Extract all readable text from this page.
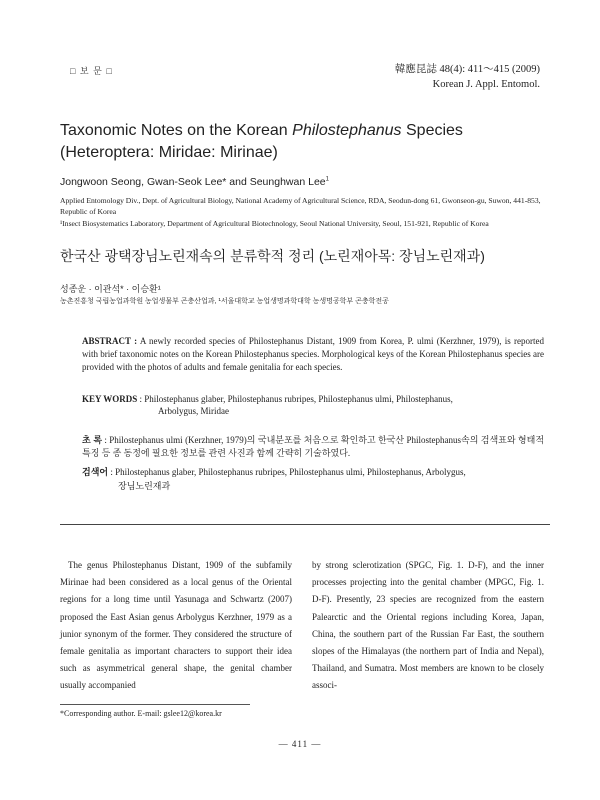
□ 보 문 □	韓應昆誌 48(4): 411～415 (2009)
Korean J. Appl. Entomol.
Taxonomic Notes on the Korean Philostephanus Species (Heteroptera: Miridae: Mirinae)
Jongwoon Seong, Gwan-Seok Lee* and Seunghwan Lee$^1$
Applied Entomology Div., Dept. of Agricultural Biology, National Academy of Agricultural Science, RDA, Seodun-dong 61, Gwonseon-gu, Suwon, 441-853, Republic of Korea
¹Insect Biosystematics Laboratory, Department of Agricultural Biotechnology, Seoul National University, Seoul, 151-921, Republic of Korea
한국산 광택장님노린재속의 분류학적 정리 (노린재아목: 장님노린재과)
성종운 · 이관석* · 이승환¹
농촌진흥청 국립농업과학원 농업생물부 곤충산업과, ¹서울대학교 농업생명과학대학 농생명공학부 곤충학전공
ABSTRACT : A newly recorded species of Philostephanus Distant, 1909 from Korea, P. ulmi (Kerzhner, 1979), is reported with brief taxonomic notes on the Korean Philostephanus species. Morphological keys of the Korean Philostephanus species are provided with the photos of adults and female genitalia for each species.
KEY WORDS : Philostephanus glaber, Philostephanus rubripes, Philostephanus ulmi, Philostephanus,
Arbolygus, Miridae
초 록 : Philostephanus ulmi (Kerzhner, 1979)의 국내분포를 처음으로 확인하고 한국산 Philostephanus속의 검색표와 형태적 특징 등 종 동정에 필요한 정보를 관련 사진과 함께 간략히 기술하였다.
검색어 : Philostephanus glaber, Philostephanus rubripes, Philostephanus ulmi, Philostephanus, Arbolygus,
장님노린재과
The genus Philostephanus Distant, 1909 of the subfamily Mirinae had been considered as a local genus of the Oriental regions for a long time until Yasunaga and Schwartz (2007) proposed the East Asian genus Arbolygus Kerzhner, 1979 as a junior synonym of the former. They considered the structure of female genitalia as important characters to support their idea such as asymmetrical general shape, the genital chamber usually accompanied
by strong sclerotization (SPGC, Fig. 1. D-F), and the inner processes projecting into the genital chamber (MPGC, Fig. 1. D-F). Presently, 23 species are recognized from the eastern Palearctic and the Oriental regions including Korea, Japan, China, the southern part of the Russian Far East, the southern slopes of the Himalayas (the northern part of India and Nepal), Thailand, and Sumatra. Most members are known to be closely associ-
*Corresponding author. E-mail: gslee12@korea.kr
— 411 —
